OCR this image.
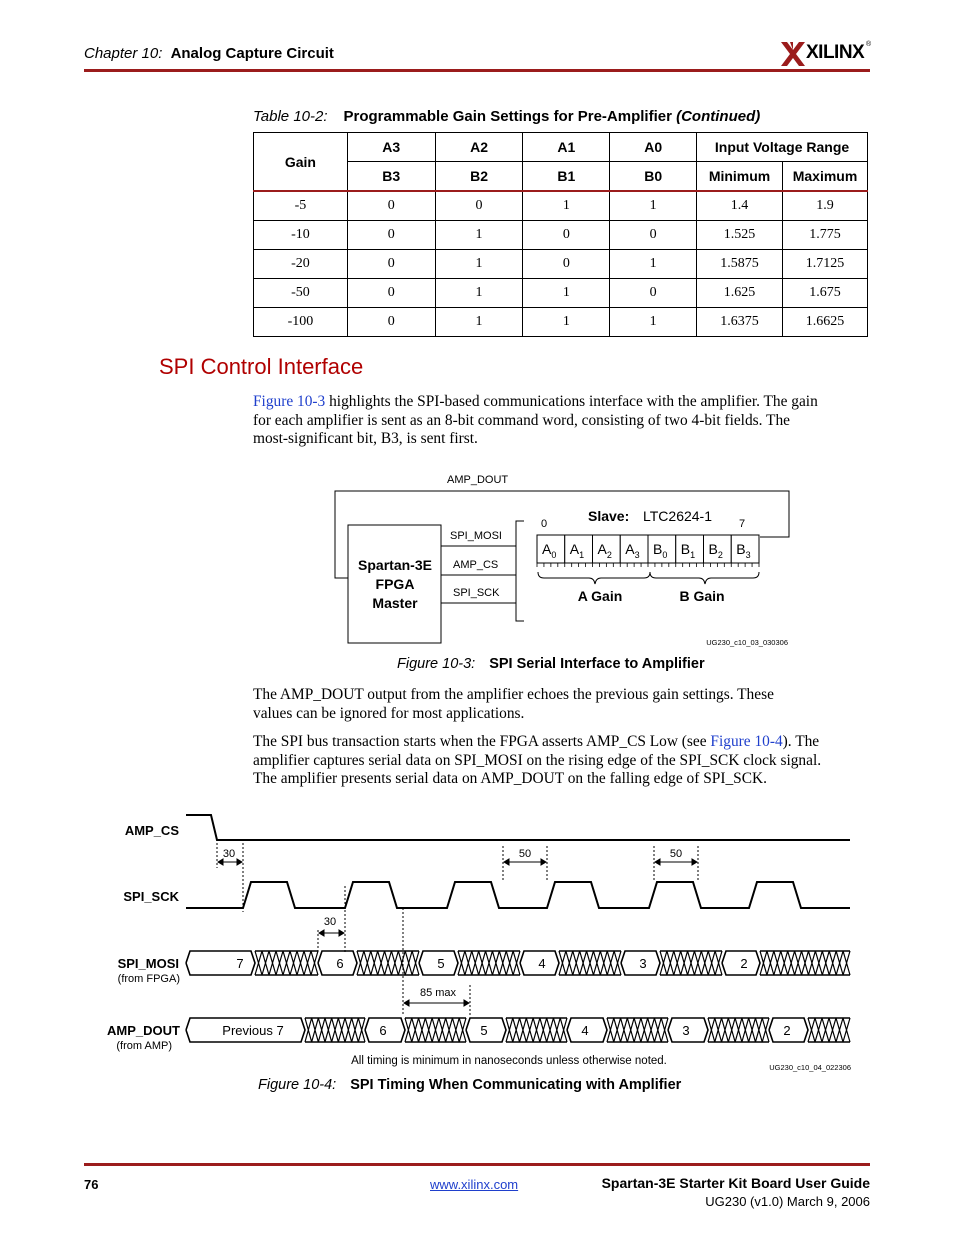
Chapter 10: Analog Capture Circuit	XILINX ®
Table 10-2: Programmable Gain Settings for Pre-Amplifier (Continued)
Gain	A3	A2	A1	A0	Input Voltage Range	
	B3	B2	B1	B0	Minimum	Maximum
-5	0	0	1	1	1.4	1.9
-10	0	1	0	0	1.525	1.775
-20	0	1	0	1	1.5875	1.7125
-50	0	1	1	0	1.625	1.675
-100	0	1	1	1	1.6375	1.6625
SPI Control Interface
Figure 10-3 highlights the SPI-based communications interface with the amplifier. The gain
for each amplifier is sent as an 8-bit command word, consisting of two 4-bit fields. The
most-significant bit, B3, is sent first.
AMP_DOUT
Spartan-3E
FPGA
Master
SPI_MOSI
AMP_CS
SPI_SCK
Slave: LTC2624-1
0	7
$A_0$ $A_1$ $A_2$ $A_3$ $B_0$ $B_1$ $B_2$ $B_3$
A Gain	B Gain
UG230_c10_03_030306
AMP_CS
SPI_SCK
SPI_MOSI
(from FPGA)
AMP_DOUT
(from AMP)
7	6	5	4	3	2
Previous 7	6	5	4	3	2
30	50	50
30
85 max
All timing is minimum in nanoseconds unless otherwise noted.
UG230_c10_04_022306
Figure 10-3: SPI Serial Interface to Amplifier
The AMP_DOUT output from the amplifier echoes the previous gain settings. These
values can be ignored for most applications.
The SPI bus transaction starts when the FPGA asserts AMP_CS Low (see Figure 10-4). The
amplifier captures serial data on SPI_MOSI on the rising edge of the SPI_SCK clock signal.
The amplifier presents serial data on AMP_DOUT on the falling edge of SPI_SCK.
Figure 10-4: SPI Timing When Communicating with Amplifier
76	www.xilinx.com	Spartan-3E Starter Kit Board User Guide
UG230 (v1.0) March 9, 2006
